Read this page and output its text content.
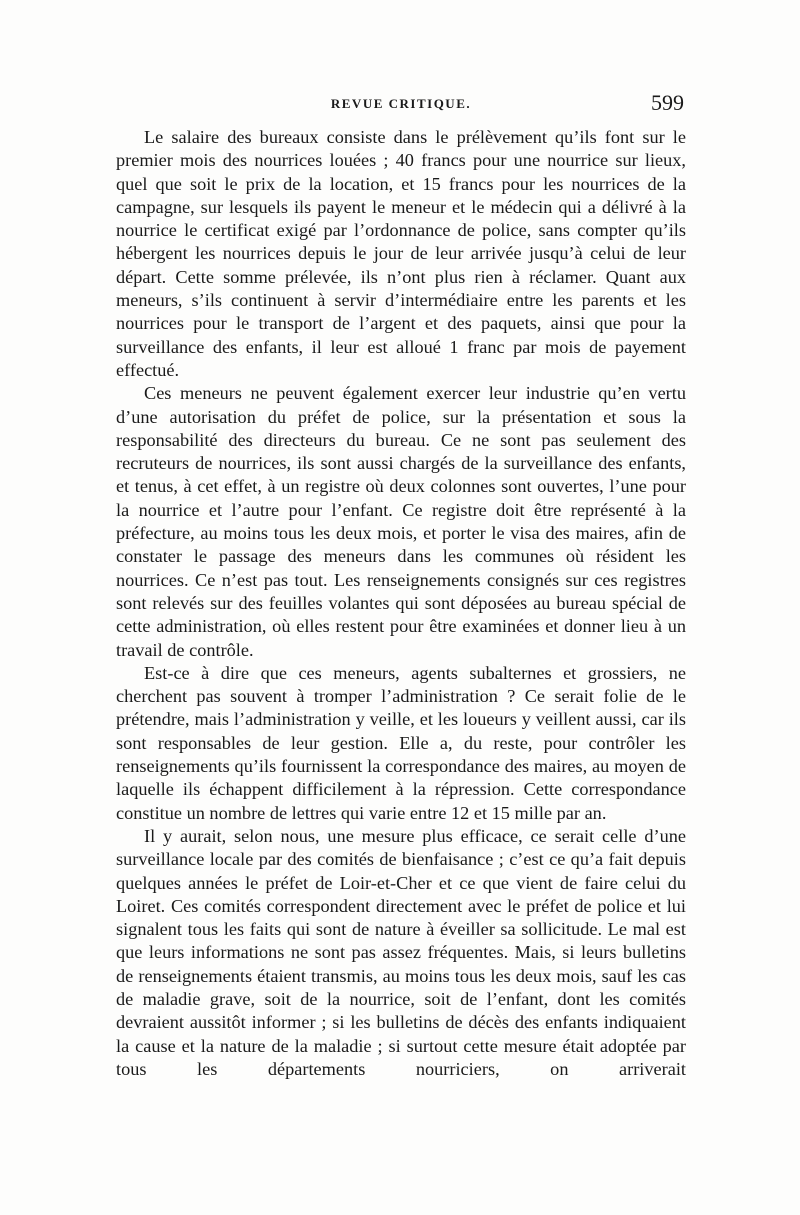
REVUE CRITIQUE.	599

Le salaire des bureaux consiste dans le prélèvement qu’ils font sur le premier mois des nourrices louées ; 40 francs pour une nourrice sur lieux, quel que soit le prix de la location, et 15 francs pour les nourrices de la campagne, sur lesquels ils payent le meneur et le médecin qui a délivré à la nourrice le certificat exigé par l’ordonnance de police, sans compter qu’ils hébergent les nourrices depuis le jour de leur arrivée jusqu’à celui de leur départ. Cette somme prélevée, ils n’ont plus rien à réclamer. Quant aux meneurs, s’ils continuent à servir d’intermédiaire entre les parents et les nourrices pour le transport de l’argent et des paquets, ainsi que pour la surveillance des enfants, il leur est alloué 1 franc par mois de payement effectué.

Ces meneurs ne peuvent également exercer leur industrie qu’en vertu d’une autorisation du préfet de police, sur la présentation et sous la responsabilité des directeurs du bureau. Ce ne sont pas seulement des recruteurs de nourrices, ils sont aussi chargés de la surveillance des enfants, et tenus, à cet effet, à un registre où deux colonnes sont ouvertes, l’une pour la nourrice et l’autre pour l’enfant. Ce registre doit être représenté à la préfecture, au moins tous les deux mois, et porter le visa des maires, afin de constater le passage des meneurs dans les communes où résident les nourrices. Ce n’est pas tout. Les renseignements consignés sur ces registres sont relevés sur des feuilles volantes qui sont déposées au bureau spécial de cette administration, où elles restent pour être examinées et donner lieu à un travail de contrôle.

Est-ce à dire que ces meneurs, agents subalternes et grossiers, ne cherchent pas souvent à tromper l’administration ? Ce serait folie de le prétendre, mais l’administration y veille, et les loueurs y veillent aussi, car ils sont responsables de leur gestion. Elle a, du reste, pour contrôler les renseignements qu’ils fournissent la correspondance des maires, au moyen de laquelle ils échappent difficilement à la répression. Cette correspondance constitue un nombre de lettres qui varie entre 12 et 15 mille par an.

Il y aurait, selon nous, une mesure plus efficace, ce serait celle d’une surveillance locale par des comités de bienfaisance ; c’est ce qu’a fait depuis quelques années le préfet de Loir-et-Cher et ce que vient de faire celui du Loiret. Ces comités correspondent directement avec le préfet de police et lui signalent tous les faits qui sont de nature à éveiller sa sollicitude. Le mal est que leurs informations ne sont pas assez fréquentes. Mais, si leurs bulletins de renseignements étaient transmis, au moins tous les deux mois, sauf les cas de maladie grave, soit de la nourrice, soit de l’enfant, dont les comités devraient aussitôt informer ; si les bulletins de décès des enfants indiquaient la cause et la nature de la maladie ; si surtout cette mesure était adoptée par tous les départements nourriciers, on arriverait
